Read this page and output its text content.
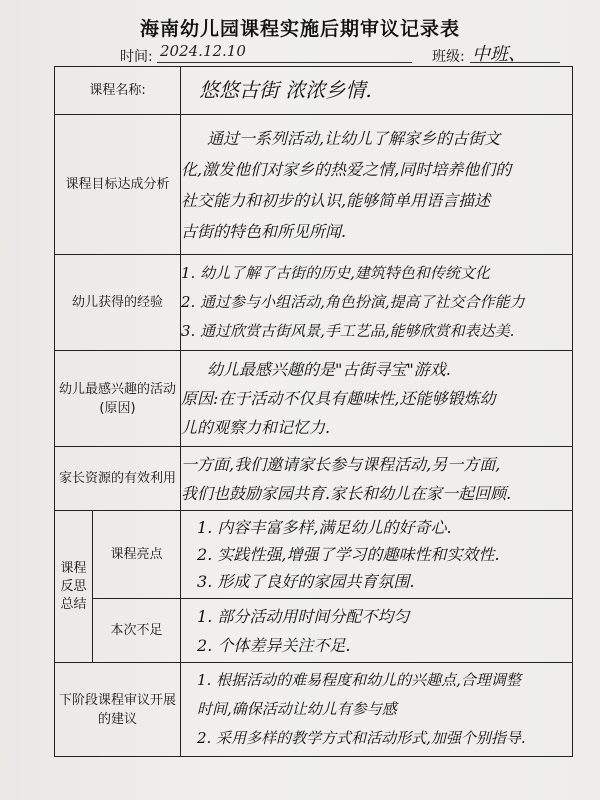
海南幼儿园课程实施后期审议记录表
时间: 2024.12.10	班级: 中班、
课程名称:		悠悠古街 浓浓乡情.

课程目标达成分析		通过一系列活动,让幼儿了解家乡的古街文
化,激发他们对家乡的热爱之情,同时培养他们的
社交能力和初步的认识,能够简单用语言描述
古街的特色和所见所闻.

幼儿获得的经验		1. 幼儿了解了古街的历史,建筑特色和传统文化
2. 通过参与小组活动,角色扮演,提高了社交合作能力
3. 通过欣赏古街风景,手工艺品,能够欣赏和表达美.

幼儿最感兴趣的活动
(原因)		幼儿最感兴趣的是"古街寻宝"游戏.
原因:在于活动不仅具有趣味性,还能够锻炼幼
儿的观察力和记忆力.

家长资源的有效利用		一方面,我们邀请家长参与课程活动,另一方面,
我们也鼓励家园共育.家长和幼儿在家一起回顾.

课程
反思
总结	课程亮点	1. 内容丰富多样,满足幼儿的好奇心.
2. 实践性强,增强了学习的趣味性和实效性.
3. 形成了良好的家园共育氛围.

	本次不足	1. 部分活动用时间分配不均匀
2. 个体差异关注不足.

下阶段课程审议开展
的建议		1. 根据活动的难易程度和幼儿的兴趣点,合理调整
时间,确保活动让幼儿有参与感
2. 采用多样的教学方式和活动形式,加强个别指导.
